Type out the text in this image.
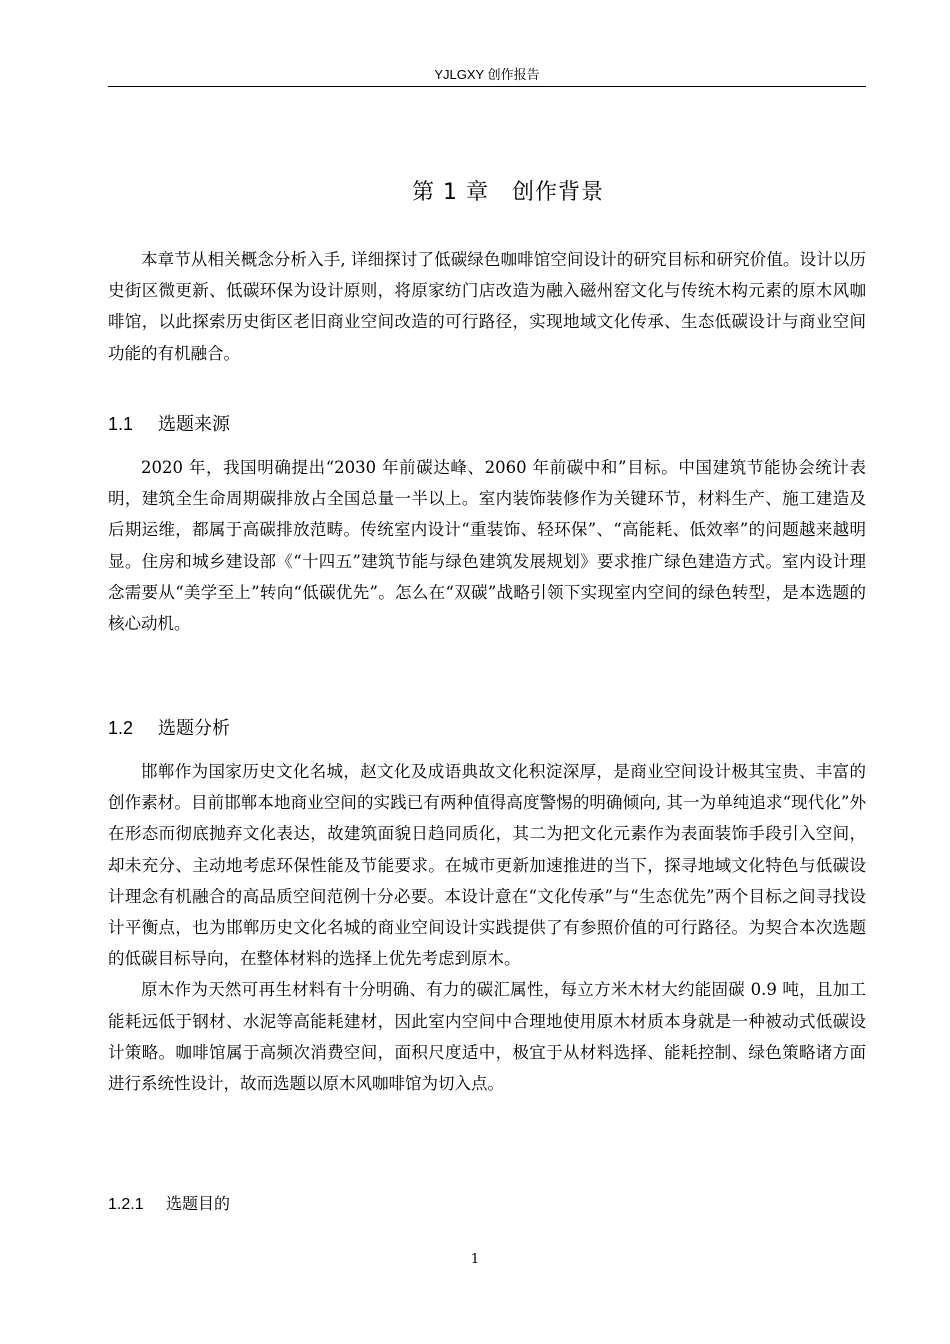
YJLGXY 创作报告
第 1 章　创作背景

本章节从相关概念分析入手, 详细探讨了低碳绿色咖啡馆空间设计的研究目标和研究价值。设计以历史街区微更新、低碳环保为设计原则，将原家纺门店改造为融入磁州窑文化与传统木构元素的原木风咖啡馆，以此探索历史街区老旧商业空间改造的可行路径，实现地域文化传承、生态低碳设计与商业空间功能的有机融合。

1.1 选题来源

2020 年，我国明确提出“2030 年前碳达峰、2060 年前碳中和”目标。中国建筑节能协会统计表明，建筑全生命周期碳排放占全国总量一半以上。室内装饰装修作为关键环节，材料生产、施工建造及后期运维，都属于高碳排放范畴。传统室内设计“重装饰、轻环保”、“高能耗、低效率”的问题越来越明显。住房和城乡建设部《“十四五”建筑节能与绿色建筑发展规划》要求推广绿色建造方式。室内设计理念需要从“美学至上”转向“低碳优先”。怎么在“双碳”战略引领下实现室内空间的绿色转型，是本选题的核心动机。

1.2 选题分析

邯郸作为国家历史文化名城，赵文化及成语典故文化积淀深厚，是商业空间设计极其宝贵、丰富的创作素材。目前邯郸本地商业空间的实践已有两种值得高度警惕的明确倾向, 其一为单纯追求“现代化”外在形态而彻底抛弃文化表达，故建筑面貌日趋同质化，其二为把文化元素作为表面装饰手段引入空间，却未充分、主动地考虑环保性能及节能要求。在城市更新加速推进的当下，探寻地域文化特色与低碳设计理念有机融合的高品质空间范例十分必要。本设计意在“文化传承”与“生态优先”两个目标之间寻找设计平衡点，也为邯郸历史文化名城的商业空间设计实践提供了有参照价值的可行路径。为契合本次选题的低碳目标导向，在整体材料的选择上优先考虑到原木。

原木作为天然可再生材料有十分明确、有力的碳汇属性，每立方米木材大约能固碳 0.9 吨，且加工能耗远低于钢材、水泥等高能耗建材，因此室内空间中合理地使用原木材质本身就是一种被动式低碳设计策略。咖啡馆属于高频次消费空间，面积尺度适中，极宜于从材料选择、能耗控制、绿色策略诸方面进行系统性设计，故而选题以原木风咖啡馆为切入点。

1.2.1 选题目的
1
